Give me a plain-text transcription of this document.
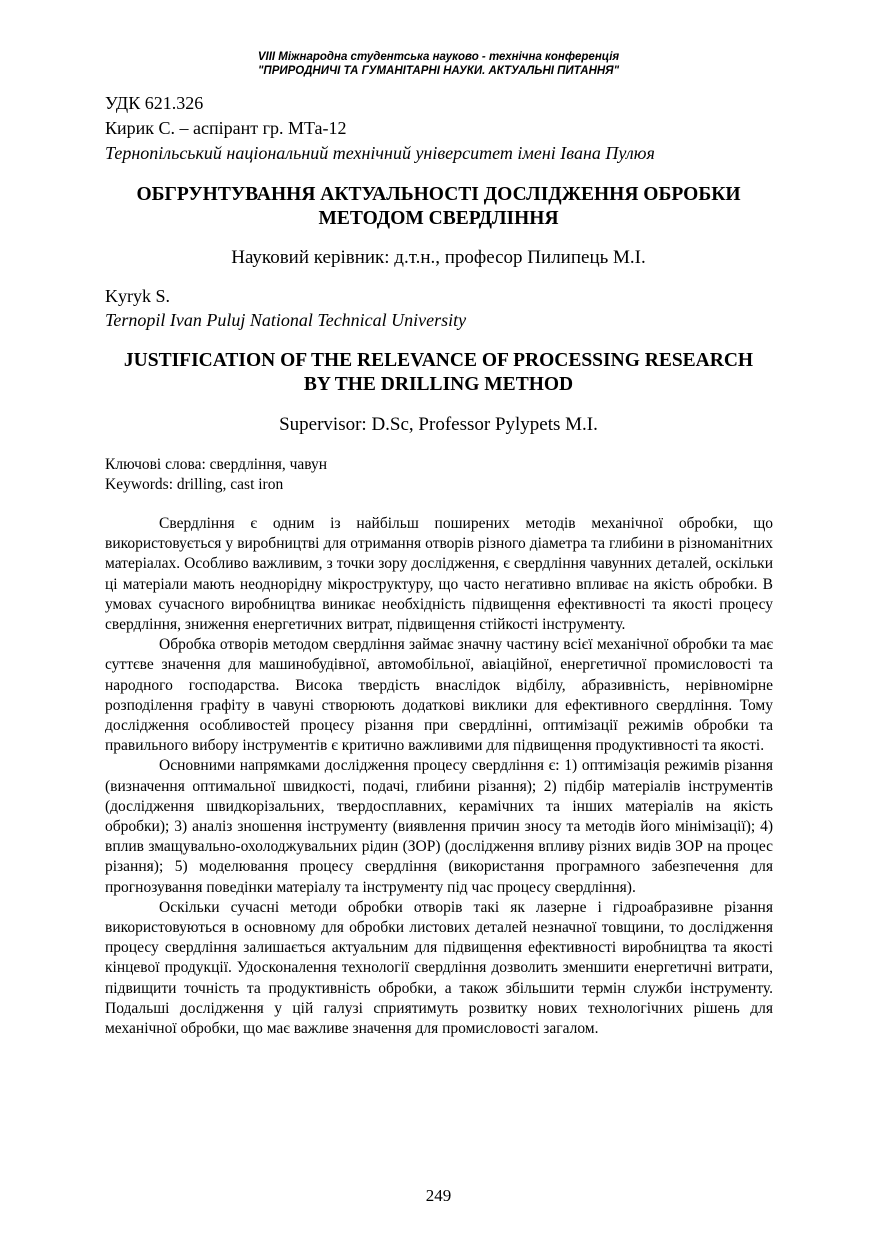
VIII Міжнародна студентська науково - технічна конференція
"ПРИРОДНИЧІ ТА ГУМАНІТАРНІ НАУКИ. АКТУАЛЬНІ ПИТАННЯ"
УДК 621.326
Кирик С. – аспірант гр. МТа-12
Тернопільський національний технічний університет імені Івана Пулюя
ОБГРУНТУВАННЯ АКТУАЛЬНОСТІ ДОСЛІДЖЕННЯ ОБРОБКИ
МЕТОДОМ СВЕРДЛІННЯ
Науковий керівник: д.т.н., професор Пилипець М.І.
Kyryk S.
Ternopil Ivan Puluj National Technical University
JUSTIFICATION OF THE RELEVANCE OF PROCESSING RESEARCH
BY THE DRILLING METHOD
Supervisor: D.Sc, Professor Pylypets M.I.
Ключові слова: свердління, чавун
Keywords: drilling, cast iron

Свердління є одним із найбільш поширених методів механічної обробки, що використовується у виробництві для отримання отворів різного діаметра та глибини в різноманітних матеріалах. Особливо важливим, з точки зору дослідження, є свердління чавунних деталей, оскільки ці матеріали мають неоднорідну мікроструктуру, що часто негативно впливає на якість обробки. В умовах сучасного виробництва виникає необхідність підвищення ефективності та якості процесу свердління, зниження енергетичних витрат, підвищення стійкості інструменту.

Обробка отворів методом свердління займає значну частину всієї механічної обробки та має суттєве значення для машинобудівної, автомобільної, авіаційної, енергетичної промисловості та народного господарства. Висока твердість внаслідок відбілу, абразивність, нерівномірне розподілення графіту в чавуні створюють додаткові виклики для ефективного свердління. Тому дослідження особливостей процесу різання при свердлінні, оптимізації режимів обробки та правильного вибору інструментів є критично важливими для підвищення продуктивності та якості.

Основними напрямками дослідження процесу свердління є: 1) оптимізація режимів різання (визначення оптимальної швидкості, подачі, глибини різання); 2) підбір матеріалів інструментів (дослідження швидкорізальних, твердосплавних, керамічних та інших матеріалів на якість обробки); 3) аналіз зношення інструменту (виявлення причин зносу та методів його мінімізації); 4) вплив змащувально-охолоджувальних рідин (ЗОР) (дослідження впливу різних видів ЗОР на процес різання); 5) моделювання процесу свердління (використання програмного забезпечення для прогнозування поведінки матеріалу та інструменту під час процесу свердління).

Оскільки сучасні методи обробки отворів такі як лазерне і гідроабразивне різання використовуються в основному для обробки листових деталей незначної товщини, то дослідження процесу свердління залишається актуальним для підвищення ефективності виробництва та якості кінцевої продукції. Удосконалення технології свердління дозволить зменшити енергетичні витрати, підвищити точність та продуктивність обробки, а також збільшити термін служби інструменту. Подальші дослідження у цій галузі сприятимуть розвитку нових технологічних рішень для механічної обробки, що має важливе значення для промисловості загалом.

249
